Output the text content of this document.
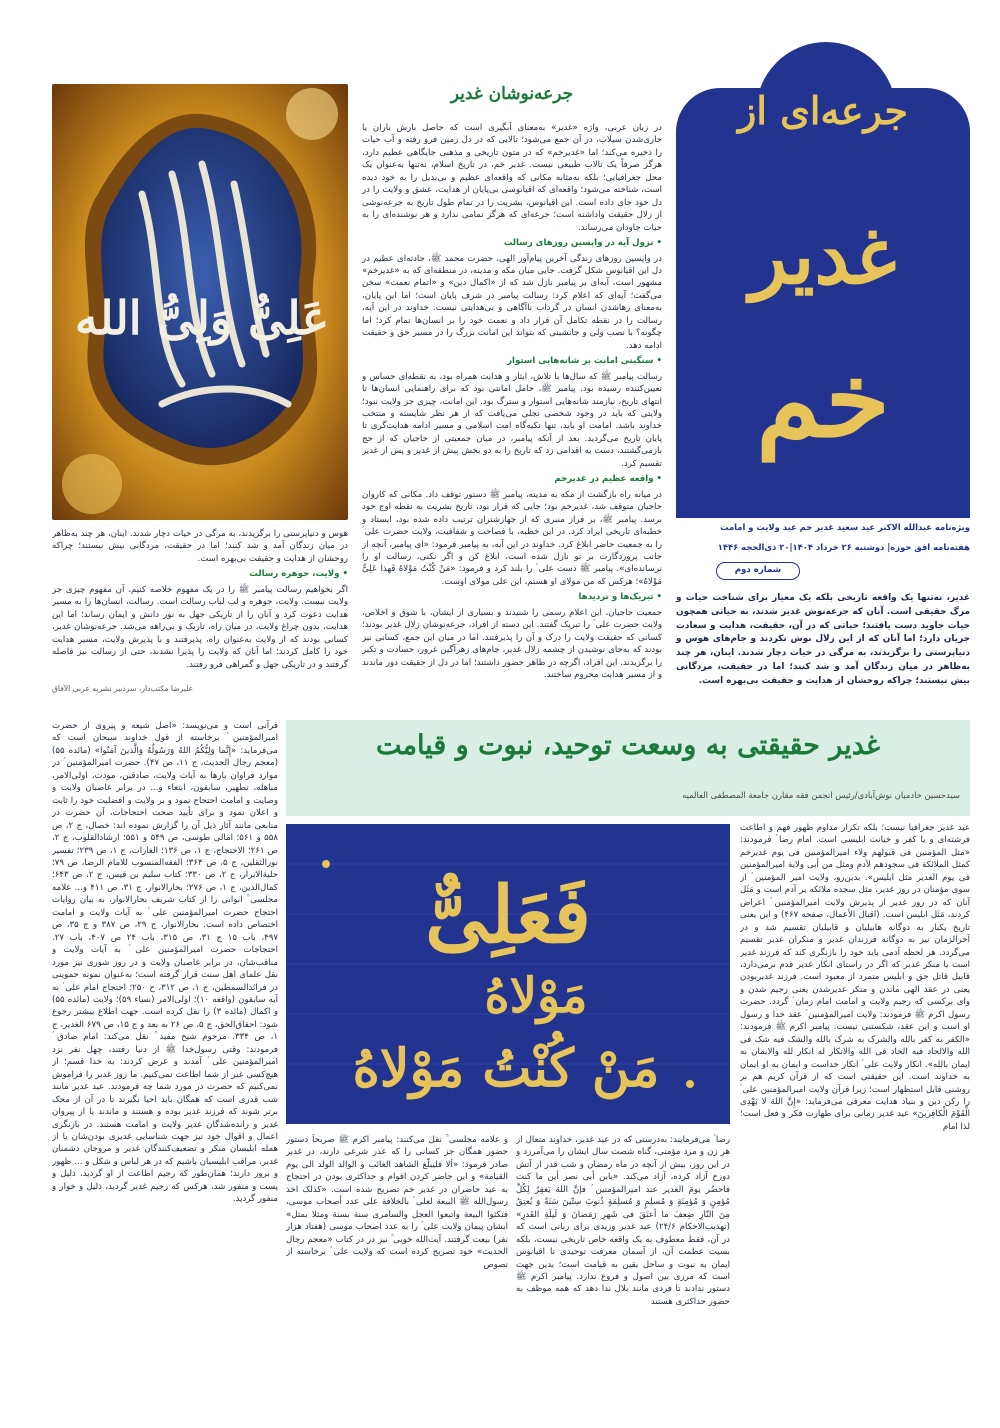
جرعه‌ای از
غدیر
خم
ویژه‌نامه عیدالله الاکبر عید سعید غدیر خم عید ولایت و امامت
هفته‌نامه افق حوزه| دوشنبه ۲۶ خرداد ۱۴۰۴|۲۰ ذی‌الحجه ۱۴۴۶
شماره دوم
غدیر، نه‌تنها یک واقعه تاریخی بلکه یک معیار برای شناخت حیات و مرگ حقیقی است. آنان که جرعه‌نوش غدیر شدند، به حیاتی همچون حیات جاوید دست یافتند؛ حیاتی که در آن، حقیقت، هدایت و سعادت جریان دارد؛ اما آنان که از این زلال نوش نکردند و جام‌های هوس و دنیاپرستی را برگزیدند، به مرگی در حیات دچار شدند. اینان، هر چند به‌ظاهر در میان زندگان آمد و شد کنند؛ اما در حقیقت، مردگانی بیش نیستند؛ چراکه روحشان از هدایت و حقیقت بی‌بهره است.
جرعه‌نوشان غدیر

در زبان عربی، واژه «غدیر» به‌معنای آبگیری است که حاصل بارش باران یا جاری‌شدن سیلاب، در آن جمع می‌شود؛ تالابی که در دل زمین فرو رفته و آب حیات را ذخیره می‌کند؛ اما «غدیرخم» که در متون تاریخی و مذهبی جایگاهی عظیم دارد، هرگز صرفاً یک تالاب طبیعی نیست. غدیر خم، در تاریخ اسلام، نه‌تنها به‌عنوان یک محل جغرافیایی؛ بلکه به‌مثابه مکانی که واقعه‌ای عظیم و بی‌بدیل را به خود دیده است، شناخته می‌شود؛ واقعه‌ای که اقیانوسی بی‌پایان از هدایت، عشق و ولایت را در دل خود جای داده است. این اقیانوس، بشریت را در تمام طول تاریخ به جرعه‌نوشی از زلال حقیقت واداشته است؛ جرعه‌ای که هرگز تمامی ندارد و هر نوشنده‌ای را به حیات جاودان می‌رساند.

• نزول آیه در واپسین روزهای رسالت

در واپسین روزهای زندگی آخرین پیام‌آور الهی، حضرت محمد ﷺ، حادثه‌ای عظیم در دل این اقیانوس شکل گرفت. جایی میان مکه و مدینه، در منطقه‌ای که به «غدیرخم» مشهور است، آیه‌ای بر پیامبر نازل شد که از «اکمال دین» و «اتمام نعمت» سخن می‌گفت؛ آیه‌ای که اعلام کرد: رسالت پیامبر در شرف پایان است؛ اما این پایان، به‌معنای رهاشدن انسان در گرداب ناآگاهی و بی‌هدایتی نیست. خداوند در این آیه، رسالت را در نقطه تکامل آن قرار داد و نعمت خود را بر انسان‌ها تمام کرد؛ اما چگونه؟ با نصب ولی و جانشینی که بتواند این امانت بزرگ را در مسیر حق و حقیقت ادامه دهد.

• سنگینی امانت بر شانه‌هایی استوار

رسالت پیامبر ﷺ که سال‌ها با تلاش، ایثار و هدایت همراه بود، به نقطه‌ای حساس و تعیین‌کننده رسیده بود. پیامبر ﷺ، حامل امانتی بود که برای راهنمایی انسان‌ها تا انتهای تاریخ، نیازمند شانه‌هایی استوار و سترگ بود. این امانت، چیزی جز ولایت نبود؛ ولایتی که باید در وجود شخصی تجلی می‌یافت که از هر نظر شایسته و منتخب خداوند باشد. امامت او باید، تنها تکیه‌گاه امت اسلامی و مسیر ادامه هدایت‌گری تا پایان تاریخ می‌گردید. بعد از آنکه پیامبر، در میان جمعیتی از حاجیان که از حج بازمی‌گشتند، دست به اقدامی زد که تاریخ را به دو بخش پیش از غدیر و پس از غدیر تقسیم کرد.

• واقعه عظیم در غدیرخم

در میانه راه بازگشت از مکه به مدینه، پیامبر ﷺ دستور توقف داد. مکانی که کاروان حاجیان متوقف شد، غدیرخم بود؛ جایی که قرار بود، تاریخ بشریت به نقطه اوج خود برسد. پیامبر ﷺ، بر فراز منبری که از جهازشتران ترتیب داده شده بود، ایستاد و خطبه‌ای تاریخی ایراد کرد. در این خطبه، با فصاحت و شفافیت، ولایت حضرت علی ؑ را به جمعیت حاضر ابلاغ کرد. خداوند در این آیه، به پیامبر فرمود: «ای پیامبر، آنچه از جانب پروردگارت بر تو نازل شده است، ابلاغ کن و اگر نکنی، رسالت او را نرسانده‌ای». پیامبر ﷺ دست علی ؑ را بلند کرد و فرمود: «مَنْ کُنْتُ مَوْلاهُ فَهذا عَلِیٌّ مَوْلاهُ»؛ هرکس که من مولای او هستم، این علی مولای اوست.

• تبریک‌ها و تردیدها

جمعیت حاجیان، این اعلام رسمی را شنیدند و بسیاری از ایشان، با شوق و اخلاص، ولایت حضرت علی ؑ را تبریک گفتند. این دسته از افراد، جرعه‌نوشان زلال غدیر بودند؛ کسانی که حقیقت ولایت را درک و آن را پذیرفتند. اما در میان این جمع، کسانی نیز بودند که به‌جای نوشیدن از چشمه زلال غدیر، جام‌های زهرآگین غرور، حسادت و تکبر را برگزیدند. این افراد، اگرچه در ظاهر حضور داشتند؛ اما در دل از حقیقت دور ماندند و از مسیر هدایت محروم ساختند.

هوس و دنیاپرستی را برگزیدند، به مرگی در حیات دچار شدند. اینان، هر چند به‌ظاهر در میان زندگان آمد و شد کنند؛ اما در حقیقت، مردگانی بیش نیستند؛ چراکه روحشان از هدایت و حقیقت بی‌بهره است.

• ولایت، جوهره رسالت

اگر بخواهیم رسالت پیامبر ﷺ را در یک مفهوم خلاصه کنیم، آن مفهوم چیزی جز ولایت نیست. ولایت، جوهره و لب لباب رسالت است. رسالت، انسان‌ها را به مسیر هدایت دعوت کرد و آنان را از تاریکی جهل به نور دانش و ایمان رساند؛ اما این هدایت، بدون چراغ ولایت، در میان راه، تاریک و بی‌راهه می‌شد. جرعه‌نوشان غدیر، کسانی بودند که از ولایت به‌عنوان راه، پذیرفتند و با پذیرش ولایت، مسیر هدایت خود را کامل کردند؛ اما آنان که ولایت را پذیرا نشدند، حتی از رسالت نیز فاصله گرفتند و در تاریکی جهل و گمراهی فرو رفتند.

علیرضا مکتب‌دار، سردبیر نشریه عربی الآفاق
عَلِیٌّ وَلِیُّ الله
غدیر حقیقتی به وسعت توحید، نبوت و قیامت
سیدحسین خادمیان نوش‌آبادی/رئیس انجمن فقه مقارن جامعة المصطفی العالمیه
فَعَلِیٌّ
مَوْلاهُ
مَنْ کُنْتُ مَوْلاهُ
عید غدیر جغرافیا نیست؛ بلکه تکرار مداوم ظهور فهم و اطاعت فرشته‌ای و یا کفر و خیانت ابلیسی است. امام رضا ؑ فرمودند: «مثل المؤمنین فی قبولهم ولاء امیرالمؤمنین فی یوم غدیرخم کمثل الملائکة فی سجودهم لآدم ومثل من أبی ولایة امیرالمؤمنین فی یوم الغدیر مثل ابلیس». بدین‌رو، ولایت امیر المؤمنین ؑ از سوی مؤمنان در روز غدیر، مثل سجده ملائکه بر آدم است و مَثَل آنان که در روز غدیر از پذیرش ولایت امیرالمؤمنین ؑ اعراض کردند، مَثَل ابلیس است. (اقبال الأعمال، صفحه ۴۶۷) و این یعنی تاریخ یکبار به دوگانه هابیلیان و قابیلیان تقسیم شد و در آخرالزمان نیز به دوگانه فرزندان غدیر و منکران غدیر تقسیم می‌گردد. هر لحظه آدمی باید خود را بازنگری کند که فرزند غدیر است یا منکر غدیر که اگر در راستای انکار غدیر قدم برمی‌دارد، قابیل قاتل حق و ابلیس متمرد از معبود است. فرزند غدیربودن یعنی در عقد الهی ماندن و منکر غدیرشدن یعنی رجیم شدن و وای برکسی که رجیم ولایت و امامت امام زمان ؑ گردد. حضرت رسول اکرم ﷺ فرمودند: ولایت امیرالمؤمنین ؑ عقد خدا و رسول او است و این عقد، شکستنی نیست. پیامبر اکرم ﷺ فرمودند: «الکفر به کفر بالله والشرک به شرک بالله والشک فیه شک فی الله والالحاد فیه الحاد فی الله والانکار له انکار لله والایمان به ایمان بالله». انکار ولایت علی ؑ انکار خداست و ایمان به او ایمان به خداوند است. این حقیقتی است که از قرآن کریم هم بر روشنی قابل استظهار است؛ زیرا قرآن ولایت امیرالمؤمنین علی ؑ را رکن دین و بنیاد هدایت معرفی می‌فرماید: «إِنَّ اللهَ لا یَهْدِی الْقَوْمَ الْکافِرینَ» عید غدیر زمانی برای طهارت فکر و فعل است؛ لذا امام
قرآنی است و می‌نویسد: «اصل شیعه و پیروی از حضرت امیرالمؤمنین ؑ برخاسته از قول خداوند سبحان است که می‌فرماید: «إِنَّما وَلِیُّکُمُ اللهُ وَرَسُولُهُ وَالَّذینَ آمَنُوا» (مائده ۵۵) (معجم رجال الحدیث، ج ۱۱، ص ۴۷). حضرت امیرالمؤمنین ؑ در موارد فراوان بارها به آیات ولایت، صادقین، مودت، اولی‌الامر، مباهله، تطهیر، سابقون، ابتغاء و... در برابر غاصبان ولایت و وصایت و امامت احتجاج نمود و بر ولایت و افضلیت خود را ثابت و اعلان نمود و برای تأیید صحت احتجاجات، آن حضرت در منابعی مانند آثار ذیل آن را گزارش نموده اند: خصال، ج ۲، ص ۵۵۸ و ۵۶۱؛ امالی طوسی، ص ۵۴۹ و ۵۵۱؛ ارشادالقلوب، ج ۲، ص ۲۶۱؛ الاحتجاج، ج ۱، ص ۱۳۶؛ الغارات، ج ۱، ص ۲۳۹؛ تفسیر نورالثقلین، ج ۵، ص ۳۶۴؛ الفقه‌المنسوب للامام الرضا، ص ۷۹؛ حلیة‌الابرار، ج ۲، ص ۳۳۰؛ کتاب سلیم بن قیس، ج ۲، ص ۶۴۳؛ کمال‌الدین، ج ۱، ص ۲۷۶؛ بحارالانوار، ج ۳۱، ص ۴۱۱ و... علامه مجلسی ؒ ابوابی را از کتاب شریف بحارالانوار، به بیان روایات احتجاج حضرت امیرالمؤمنین علی ؑ به آیات ولایت و امامت اختصاص داده است. بحارالانوار، ج ۲۹، ص ۳۸۷ و ج ۳۵، ص ۴۹۷، باب ۱۵ ج ۳۱، ص ۳۱۵، باب ۲۴ ص ۴۰۷، باب ۲۷. احتجاجات حضرت امیرالمؤمنین علی ؑ به آیات ولایت و مناقب‌شان، در برابر غاصبان ولایت و در روز شوری نیز مورد نقل علمای اهل سنت قرار گرفته است؛ به‌عنوان نمونه حموینی در فرائدالسمطین، ج ۱، ص ۳۱۲، ح ۲۵۰؛ احتجاج امام علی ؑ به آیه سابقون (واقعه ۱۰)؛ اولی‌الامر (نساء ۵۹)؛ ولایت (مائده ۵۵) و اکمال (مائده ۳) را نقل کرده است. جهت اطلاع بیشتر رجوع شود: احقاق‌الحق، ج ۵، ص ۲۶ به بعد و ج ۱۵، ص ۶۷۹ الغدیر، ج ۱، ص ۳۳۴. مرحوم شیخ مفید ؒ نقل می‌کند: امام صادق ؑ فرمودند: وقتی رسول‌خدا ﷺ از دنیا رفتند، چهل نفر نزد امیرالمؤمنین علی ؑ آمدند و عرض کردند: به خدا قسم؛ از هیچ‌کسی غیر از شما اطاعت نمی‌کنیم. ما روز غدیر را فراموش نمی‌کنیم که حضرت در مورد شما چه فرمودند. عید غدیر مانند شب قدری است که همگان باید احیا بگیرند تا در آن از محک برتر شوند که فرزند غدیر بوده و هستند و ماندند یا از پیروان غدیر و رانده‌شدگان غدیر ولایت و امامت هستند. در بازنگری اعمال و اقوال خود نیز جهت شناسایی غدیری بودن‌شان یا از همله ابلیسان منکر و تضعیف‌کنندگان غدیر و مروجان دشمنان غدیر. مراقب ابلیسیان باشیم که در هر لباس و شکل و ... ظهور و بروز دارند؛ همان‌طور که رجیم اطاعت از او گردید، ذلیل و پست و منفور شد، هرکس که رجیم غدیر گردید، ذلیل و خوار و منفور گردید.
رضا ؑ می‌فرمایند: به‌درستی که در عید غدیر، خداوند متعال از هر زن و مرد مؤمنی، گناه شصت سال ایشان را می‌آمرزد و در این روز، بیش از آنچه در ماه رمضان و شب قدر از آتش دوزخ آزاد کرده، آزاد می‌کند. «یابن أبی نصر أین ما کنت فاحضُر یومَ الغدیر عند امیرالمؤمنین ؑ فإنَّ اللهَ یَغفِرُ لِکُلِّ مُؤمِنٍ وَ مُؤمِنَةٍ وَ مُسلِمٍ وَ مُسلِمَةٍ ذُنوبَ سِتّینَ سَنَةً وَ یُعتِقُ مِنَ النّارِ ضِعفَ ما أعتَقَ فی شَهرِ رَمَضانَ وَ لَیلَةِ القَدرِ» (تهذیب‌الاحکام ۲۴/۶) عید غدیر وزیدی برای ربانی است که در آن، فقط معطوف به یک واقعه خاص تاریخی نیست، بلکه بسیت عظمت آن، از آسمان معرفت توحیدی تا اقیانوس ایمان به نبوت و ساحل یقین به قیامت است؛ بدین جهت است که مرزی بین اصول و فروع ندارد. پیامبر اکرم ﷺ دستور ندادند تا فردی مانند بلال ندا دهد که همه موظف به حضور حداکثری هستند
و علامه مجلسی ؒ نقل می‌کنند: پیامبر اکرم ﷺ صریحاً دستور حضور همگان جز کسانی را که عذر شرعی دارند، در غدیر صادر فرمود: «ألا فلیبلّغ الشاهد الغائب و الوالد الولد الی یوم القیامة» و این حاضر کردن اقوام و حداکثری بودن در احتجاج به عید حاضران در غدیر خم تصریح شده است. «کذلک اخذ رسول‌الله ﷺ البیعة لعلی ؑ بالخلافة علی عدد أصحاب موسی، فنکثوا البیعة واتبعوا العجل والسامری سنة بسنة ومثلا بمثل» ایشان پیمان ولایت علی ؑ را به عدد اصحاب موسی (هفتاد هزار نفر) بیعت گرفتند. آیت‌الله خویی ؒ نیز در در کتاب «معجم رجال الحدیث» خود تصریح کرده است که ولایت علی ؑ برخاسته از نصوص
